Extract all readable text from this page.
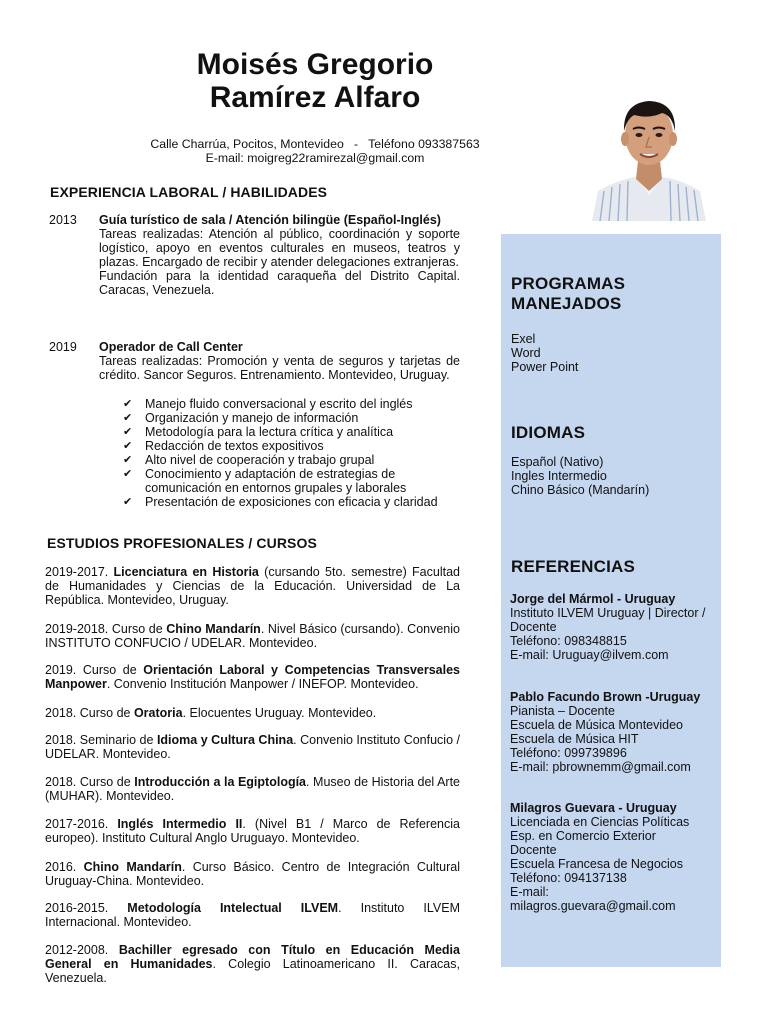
Moisés Gregorio
Ramírez Alfaro
Calle Charrúa, Pocitos, Montevideo   -   Teléfono 093387563
E-mail: moigreg22ramirezal@gmail.com
EXPERIENCIA LABORAL / HABILIDADES
2013 Guía turístico de sala / Atención bilingüe (Español-Inglés)
Tareas realizadas: Atención al público, coordinación y soporte logístico, apoyo en eventos culturales en museos, teatros y plazas. Encargado de recibir y atender delegaciones extranjeras.
Fundación para la identidad caraqueña del Distrito Capital. Caracas, Venezuela.
2019 Operador de Call Center
Tareas realizadas: Promoción y venta de seguros y tarjetas de crédito. Sancor Seguros. Entrenamiento. Montevideo, Uruguay.
✔ Manejo fluido conversacional y escrito del inglés
✔ Organización y manejo de información
✔ Metodología para la lectura crítica y analítica
✔ Redacción de textos expositivos
✔ Alto nivel de cooperación y trabajo grupal
✔ Conocimiento y adaptación de estrategias de comunicación en entornos grupales y laborales
✔ Presentación de exposiciones con eficacia y claridad
ESTUDIOS PROFESIONALES / CURSOS
2019-2017. Licenciatura en Historia (cursando 5to. semestre) Facultad de Humanidades y Ciencias de la Educación. Universidad de La República. Montevideo, Uruguay.
2019-2018. Curso de Chino Mandarín. Nivel Básico (cursando). Convenio INSTITUTO CONFUCIO / UDELAR. Montevideo.
2019. Curso de Orientación Laboral y Competencias Transversales Manpower. Convenio Institución Manpower / INEFOP. Montevideo.
2018. Curso de Oratoria. Elocuentes Uruguay. Montevideo.
2018. Seminario de Idioma y Cultura China. Convenio Instituto Confucio / UDELAR. Montevideo.
2018. Curso de Introducción a la Egiptología. Museo de Historia del Arte (MUHAR). Montevideo.
2017-2016. Inglés Intermedio II. (Nivel B1 / Marco de Referencia europeo). Instituto Cultural Anglo Uruguayo. Montevideo.
2016. Chino Mandarín. Curso Básico. Centro de Integración Cultural Uruguay-China. Montevideo.
2016-2015. Metodología Intelectual ILVEM. Instituto ILVEM Internacional. Montevideo.
2012-2008. Bachiller egresado con Título en Educación Media General en Humanidades. Colegio Latinoamericano II. Caracas, Venezuela.
PROGRAMAS
MANEJADOS
Exel
Word
Power Point
IDIOMAS
Español (Nativo)
Ingles Intermedio
Chino Básico (Mandarín)
REFERENCIAS
Jorge del Mármol - Uruguay
Instituto ILVEM Uruguay | Director / Docente
Teléfono: 098348815
E-mail: Uruguay@ilvem.com
Pablo Facundo Brown -Uruguay
Pianista – Docente
Escuela de Música Montevideo
Escuela de Música HIT
Teléfono: 099739896
E-mail: pbrownemm@gmail.com
Milagros Guevara - Uruguay
Licenciada en Ciencias Políticas
Esp. en Comercio Exterior
Docente
Escuela Francesa de Negocios
Teléfono: 094137138
E-mail:
milagros.guevara@gmail.com
